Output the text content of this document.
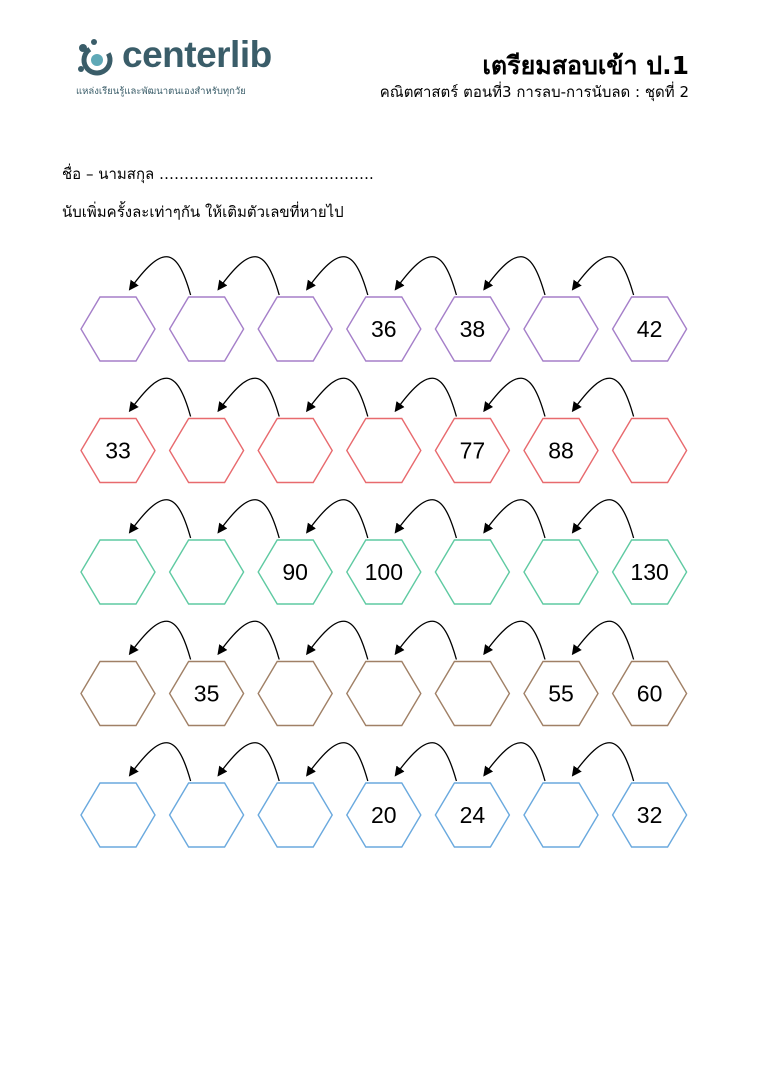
centerlib
แหล่งเรียนรู้และพัฒนาตนเองสำหรับทุกวัย
เตรียมสอบเข้า ป.1
คณิตศาสตร์ ตอนที่3 การลบ-การนับลด : ชุดที่ 2
ชื่อ – นามสกุล …………………………………….
นับเพิ่มครั้งละเท่าๆกัน ให้เติมตัวเลขที่หายไป
36	38	42
33	77	88
90 100	130
35	55	60
20	24	32
